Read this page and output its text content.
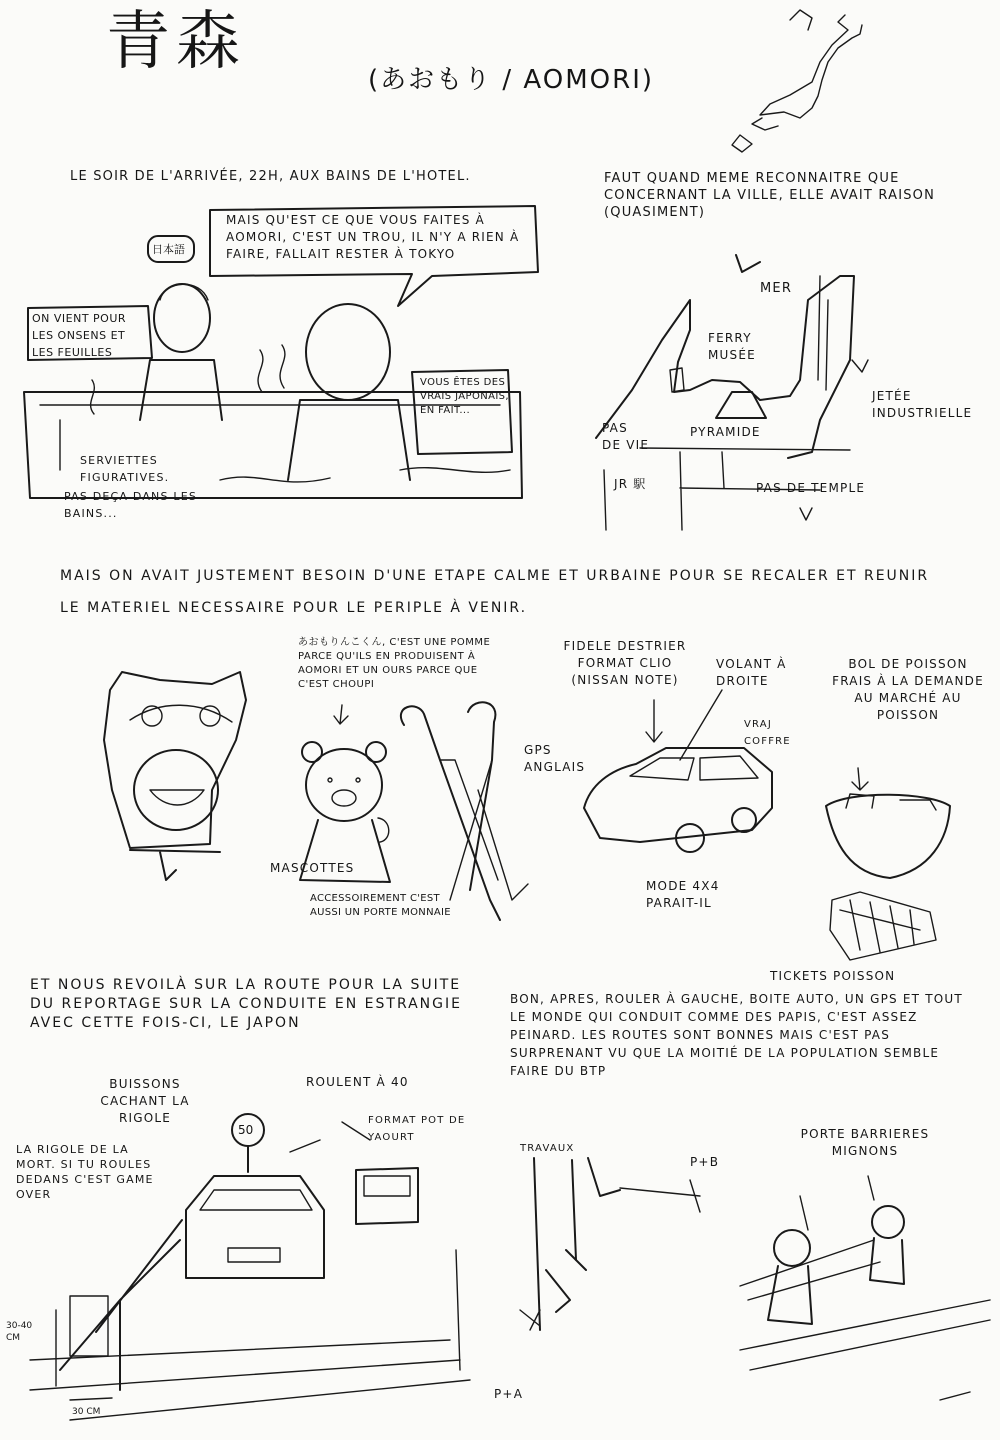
青森
(あおもり / AOMORI)
LE SOIR DE L'ARRIVÉE, 22H, AUX BAINS DE L'HOTEL.
日本語
MAIS QU'EST CE QUE VOUS FAITES À AOMORI, C'EST UN TROU, IL N'Y A RIEN À FAIRE, FALLAIT RESTER À TOKYO
ON VIENT POUR LES ONSENS ET LES FEUILLES
VOUS ÊTES DES VRAIS JAPONAIS, EN FAIT...
SERVIETTES FIGURATIVES.
PAS DEÇA DANS LES BAINS...
FAUT QUAND MEME RECONNAITRE QUE CONCERNANT LA VILLE, ELLE AVAIT RAISON (QUASIMENT)
MER
FERRY MUSÉE
JETÉE INDUSTRIELLE
PYRAMIDE
PAS DE VIE
PAS DE TEMPLE
JR 駅
MAIS ON AVAIT JUSTEMENT BESOIN D'UNE ETAPE CALME ET URBAINE POUR SE RECALER ET REUNIR LE MATERIEL NECESSAIRE POUR LE PERIPLE À VENIR.
あおもりんこくん, C'EST UNE POMME PARCE QU'ILS EN PRODUISENT À AOMORI ET UN OURS PARCE QUE C'EST CHOUPI
MASCOTTES
ACCESSOIREMENT C'EST AUSSI UN PORTE MONNAIE
FIDELE DESTRIER FORMAT CLIO (NISSAN NOTE)
VOLANT À DROITE
VRAJ COFFRE
GPS ANGLAIS
MODE 4X4 PARAIT-IL
BOL DE POISSON FRAIS À LA DEMANDE AU MARCHÉ AU POISSON
TICKETS POISSON
ET NOUS REVOILÀ SUR LA ROUTE POUR LA SUITE DU REPORTAGE SUR LA CONDUITE EN ESTRANGIE AVEC CETTE FOIS-CI, LE JAPON
BON, APRES, ROULER À GAUCHE, BOITE AUTO, UN GPS ET TOUT LE MONDE QUI CONDUIT COMME DES PAPIS, C'EST ASSEZ PEINARD. LES ROUTES SONT BONNES MAIS C'EST PAS SURPRENANT VU QUE LA MOITIÉ DE LA POPULATION SEMBLE FAIRE DU BTP
BUISSONS CACHANT LA RIGOLE
ROULENT À 40
FORMAT POT DE YAOURT
50
LA RIGOLE DE LA MORT. SI TU ROULES DEDANS C'EST GAME OVER
30-40 CM
30 CM
TRAVAUX
P+B
P+A
PORTE BARRIERES MIGNONS
